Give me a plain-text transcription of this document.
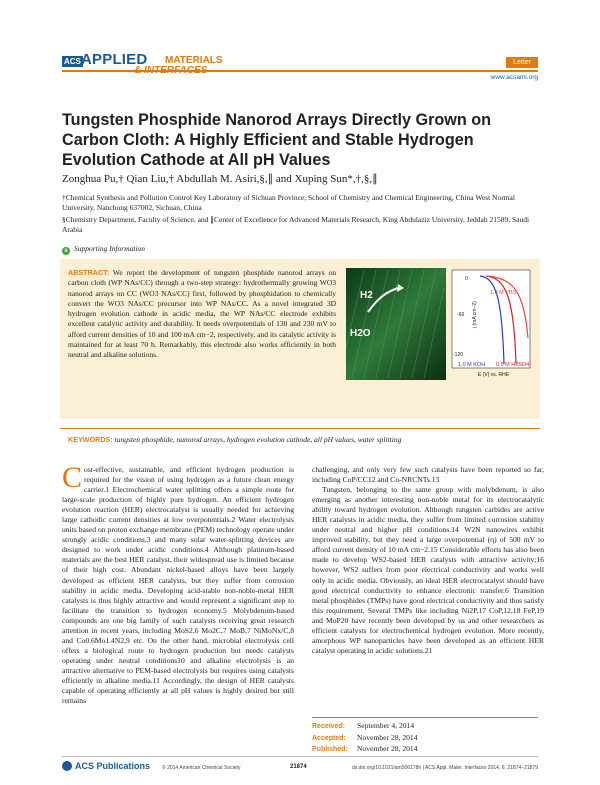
ACS APPLIED MATERIALS	Letter
www.acsami.org
Tungsten Phosphide Nanorod Arrays Directly Grown on Carbon Cloth: A Highly Efficient and Stable Hydrogen Evolution Cathode at All pH Values
Zonghua Pu,† Qian Liu,† Abdullah M. Asiri,§,∥ and Xuping Sun*,†,§,∥
†Chemical Synthesis and Pollution Control Key Laboratory of Sichuan Province, School of Chemistry and Chemical Engineering, China West Normal University, Nanchong 637002, Sichuan, China
§Chemistry Department, Faculty of Science, and ∥Center of Excellence for Advanced Materials Research, King Abdulaziz University, Jeddah 21589, Saudi Arabia
s Supporting Information
ABSTRACT: We report the development of tungsten phosphide nanorod arrays on carbon cloth (WP NAs/CC) through a two-step strategy: hydrothermally growing WO3 nanorod arrays on CC (WO3 NAs/CC) first, followed by phosphidation to chemically convert the WO3 NAs/CC precursor into WP NAs/CC. As a novel integrated 3D hydrogen evolution cathode in acidic media, the WP NAs/CC electrode exhibits excellent catalytic activity and durability. It needs overpotentials of 130 and 230 mV to afford current densities of 10 and 100 mA cm−2, respectively, and its catalytic activity is maintained for at least 70 h. Remarkably, this electrode also works efficiently in both neutral and alkaline solutions.
H2
H2O
0
-60
-120
j (mA cm−2)
E (V) vs. RHE
1.0 M PBS
1.0 M KOH 0.5 M H2SO4
KEYWORDS: tungsten phosphide, nanorod arrays, hydrogen evolution cathode, all pH values, water splitting

Cost-effective, sustainable, and efficient hydrogen production is required for the vision of using hydrogen as a future clean energy carrier.1 Electrochemical water splitting offers a simple route for large-scale production of highly pure hydrogen. An efficient hydrogen evolution reaction (HER) electrocatalyst is usually needed for achieving large cathodic current densities at low overpotentials.2 Water electrolysis units based on proton exchange membrane (PEM) technology operate under strongly acidic conditions,3 and many solar water-splitting devices are designed to work under acidic conditions.4 Although platinum-based materials are the best HER catalyst, their widespread use is limited because of their high cost. Abundant nickel-based alloys have been largely developed as efficient HER catalysts, but they suffer from corrosion stability in acidic media. Developing acid-stable non-noble-metal HER catalysts is thus highly attractive and would represent a significant step to facilitate the transition to hydrogen economy.5 Molybdenum-based compounds are one big family of such catalysts receiving great research attention in recent years, including MoS2,6 Mo2C,7 MoB,7 NiMoNx/C,8 and Co0.6Mo1.4N2,9 etc. On the other hand, microbial electrolysis cell offers a biological route to hydrogen production but needs catalysts operating under neutral conditions10 and alkaline electrolysis is an attractive alternative to PEM-based electrolysis but requires using catalysts efficiently in alkaline media.11 Accordingly, the design of HER catalysts capable of operating efficiently at all pH values is highly desired but still remains

challenging, and only very few such catalysts have been reported so far, including CoP/CC12 and Co-NRCNTs.13

Tungsten, belonging to the same group with molybdenum, is also emerging as another interesting non-noble metal for its electrocatalytic ability toward hydrogen evolution. Although tungsten carbides are active HER catalysts in acidic media, they suffer from limited corrosion stability under neutral and higher pH conditions.14 W2N nanowires exhibit improved stability, but they need a large overpotential (η) of 500 mV to afford current density of 10 mA cm−2.15 Considerable efforts has also been made to develop WS2-based HER catalysts with attractive activity;16 however, WS2 suffers from poor electrical conductivity and works well only in acidic media. Obviously, an ideal HER electrocatalyst should have good electrical conductivity to enhance electronic transfer.6 Transition metal phosphides (TMPs) have good electrical conductivity and thus satisfy this requirement. Several TMPs like including Ni2P,17 CoP,12,18 FeP,19 and MoP20 have recently been developed by us and other researchers as efficient catalysts for electrochemical hydrogen evolution. More recently, amorphous WP nanoparticles have been developed as an efficient HER catalyst operating in acidic solutions.21

Received: September 4, 2014
Accepted: November 28, 2014
Published: November 28, 2014
ACS Publications © 2014 American Chemical Society	21874	dx.doi.org/10.1021/am506178h | ACS Appl. Mater. Interfaces 2014, 6, 21874−21879
